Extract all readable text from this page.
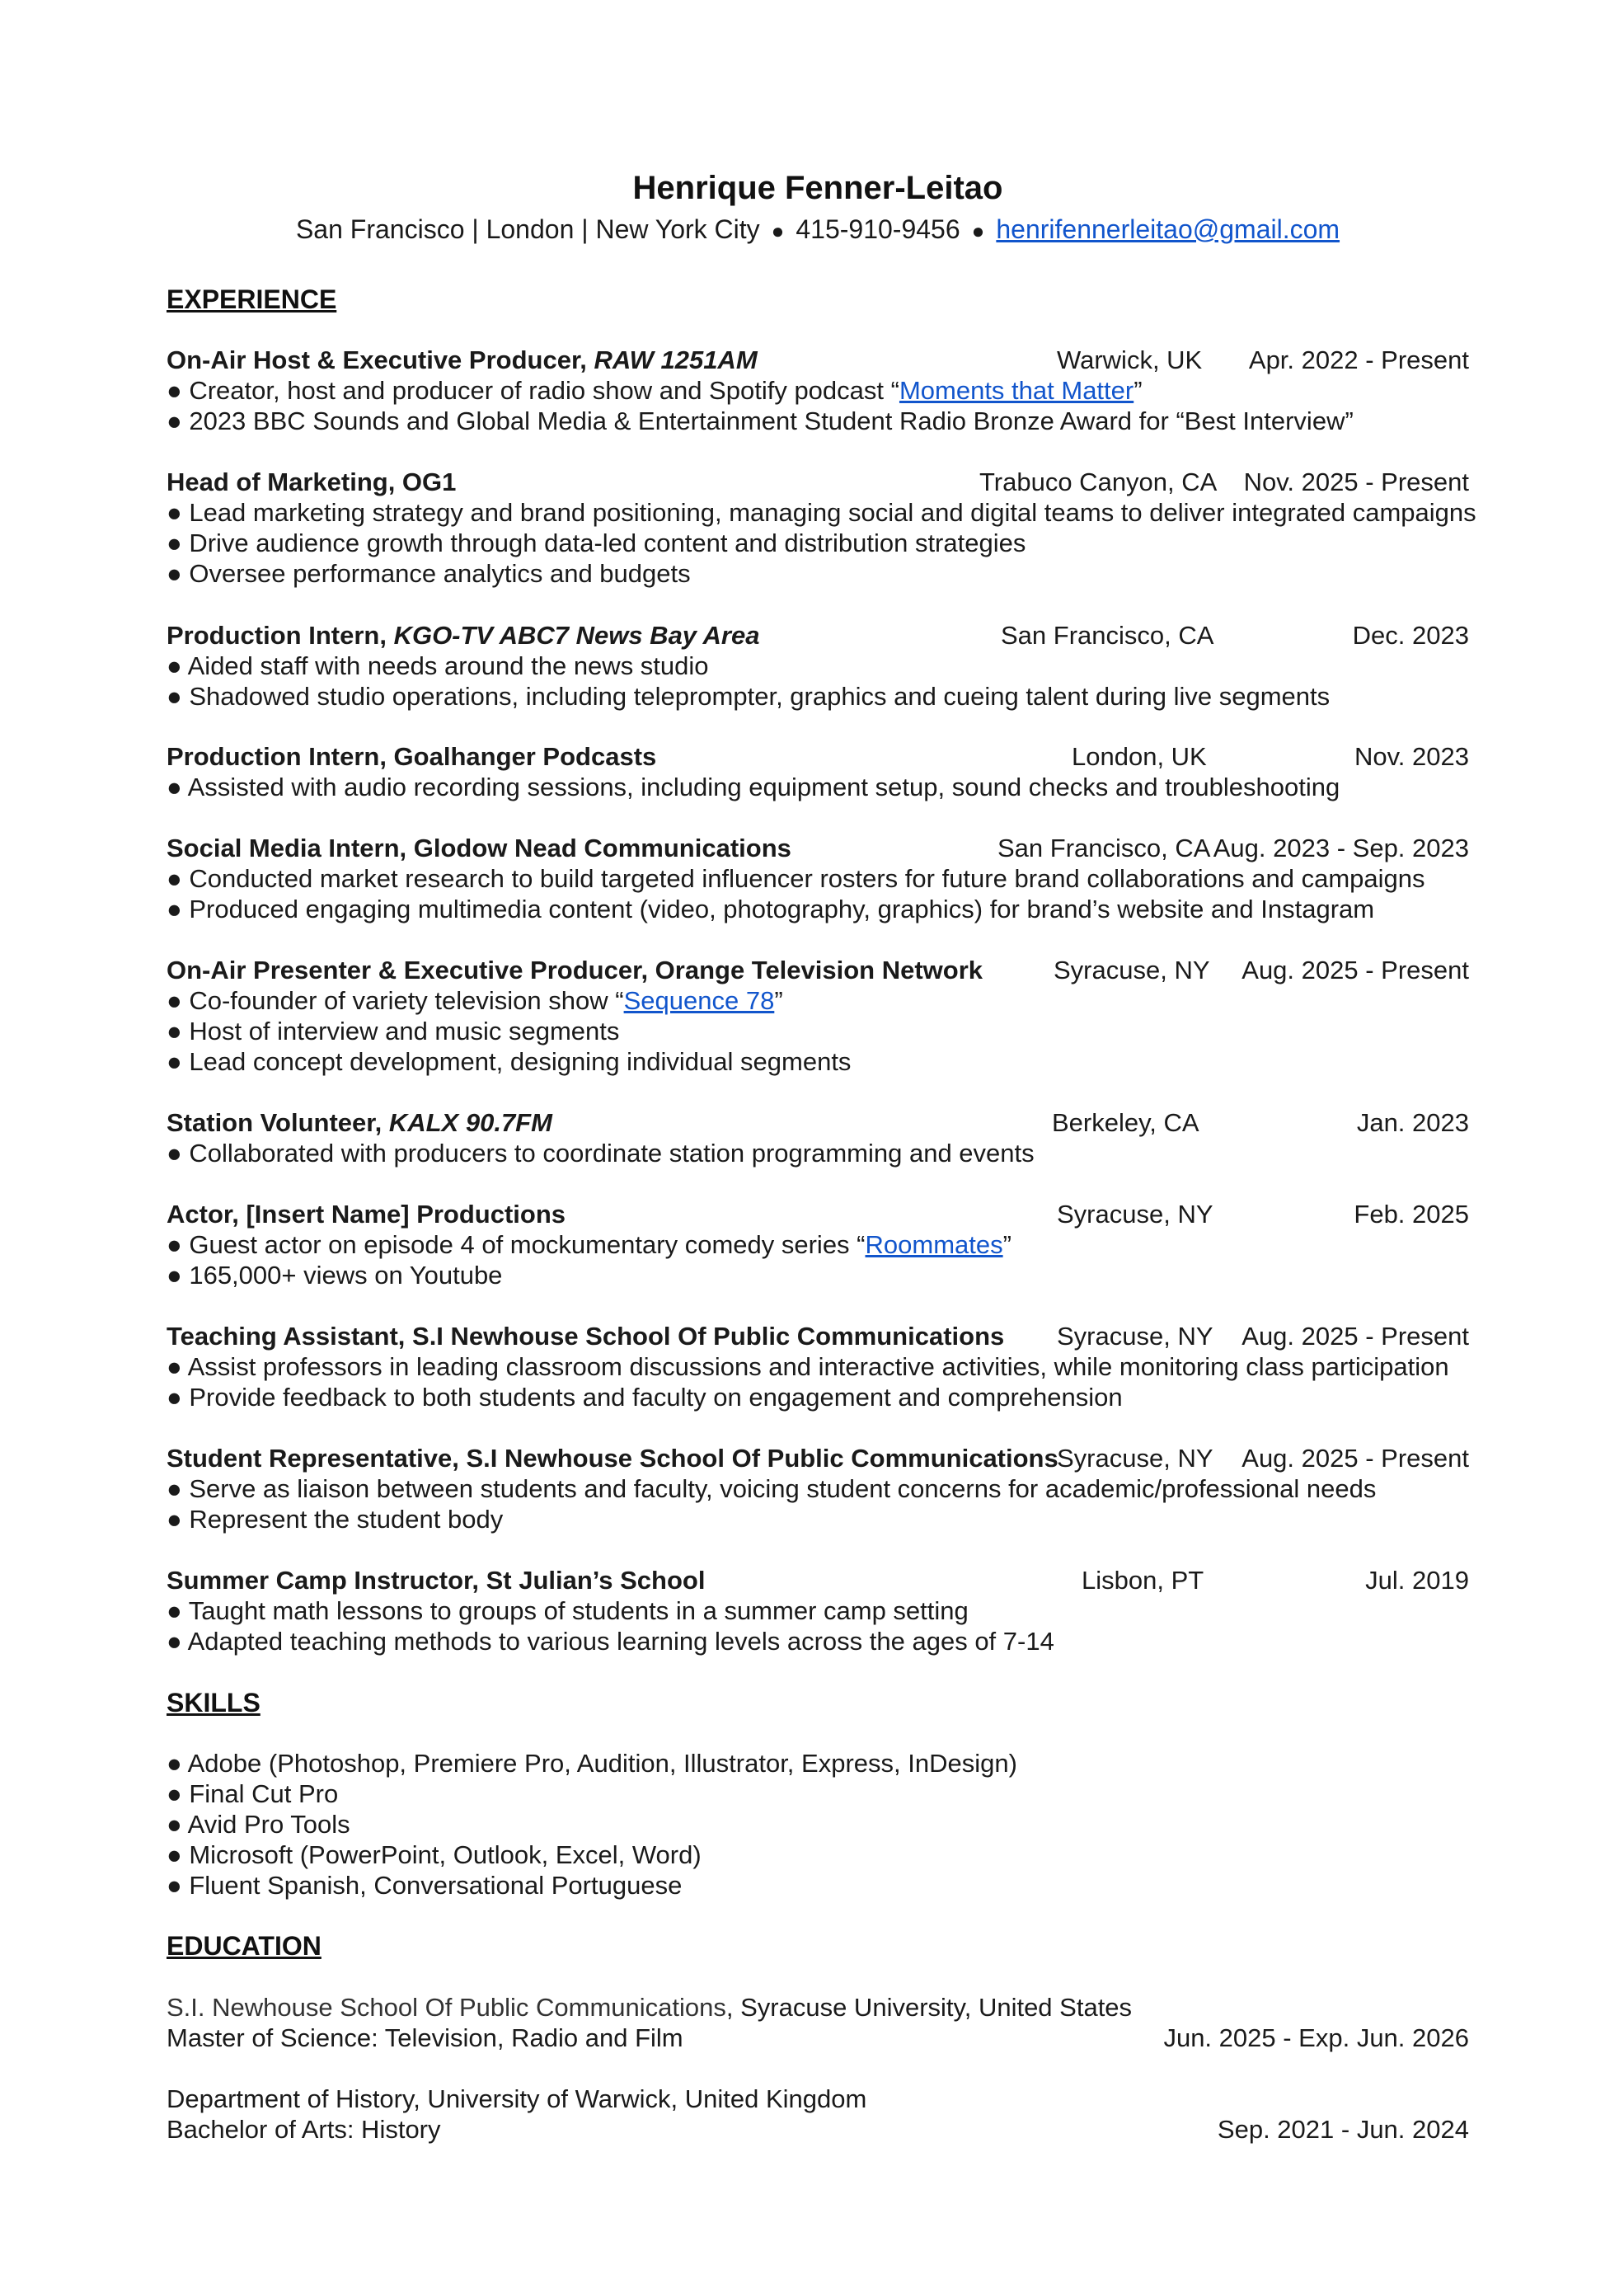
Henrique Fenner-Leitao
San Francisco | London | New York City ● 415-910-9456 ● henrifennerleitao@gmail.com
EXPERIENCE
On-Air Host & Executive Producer, RAW 1251AM	Warwick, UK Apr. 2022 - Present
● Creator, host and producer of radio show and Spotify podcast “Moments that Matter”
● 2023 BBC Sounds and Global Media & Entertainment Student Radio Bronze Award for “Best Interview”
Head of Marketing, OG1	Trabuco Canyon, CA Nov. 2025 - Present
● Lead marketing strategy and brand positioning, managing social and digital teams to deliver integrated campaigns
● Drive audience growth through data-led content and distribution strategies
● Oversee performance analytics and budgets
Production Intern, KGO-TV ABC7 News Bay Area	San Francisco, CA	Dec. 2023
● Aided staff with needs around the news studio
● Shadowed studio operations, including teleprompter, graphics and cueing talent during live segments
Production Intern, Goalhanger Podcasts	London, UK	Nov. 2023
● Assisted with audio recording sessions, including equipment setup, sound checks and troubleshooting
Social Media Intern, Glodow Nead Communications	San Francisco, CA Aug. 2023 - Sep. 2023
● Conducted market research to build targeted influencer rosters for future brand collaborations and campaigns
● Produced engaging multimedia content (video, photography, graphics) for brand’s website and Instagram
On-Air Presenter & Executive Producer, Orange Television Network	Syracuse, NY Aug. 2025 - Present
● Co-founder of variety television show “Sequence 78”
● Host of interview and music segments
● Lead concept development, designing individual segments
Station Volunteer, KALX 90.7FM	Berkeley, CA	Jan. 2023
● Collaborated with producers to coordinate station programming and events
Actor, [Insert Name] Productions	Syracuse, NY	Feb. 2025
● Guest actor on episode 4 of mockumentary comedy series “Roommates”
● 165,000+ views on Youtube
Teaching Assistant, S.I Newhouse School Of Public Communications Syracuse, NY Aug. 2025 - Present
● Assist professors in leading classroom discussions and interactive activities, while monitoring class participation
● Provide feedback to both students and faculty on engagement and comprehension
Student Representative, S.I Newhouse School Of Public Communications
Syracuse, NY Aug. 2025 - Present
● Serve as liaison between students and faculty, voicing student concerns for academic/professional needs
● Represent the student body
Summer Camp Instructor, St Julian’s School	Lisbon, PT	Jul. 2019
● Taught math lessons to groups of students in a summer camp setting
● Adapted teaching methods to various learning levels across the ages of 7-14
SKILLS
● Adobe (Photoshop, Premiere Pro, Audition, Illustrator, Express, InDesign)
● Final Cut Pro
● Avid Pro Tools
● Microsoft (PowerPoint, Outlook, Excel, Word)
● Fluent Spanish, Conversational Portuguese
EDUCATION
S.I. Newhouse School Of Public Communications, Syracuse University, United States
Master of Science: Television, Radio and Film	Jun. 2025 - Exp. Jun. 2026
Department of History, University of Warwick, United Kingdom
Bachelor of Arts: History	Sep. 2021 - Jun. 2024
